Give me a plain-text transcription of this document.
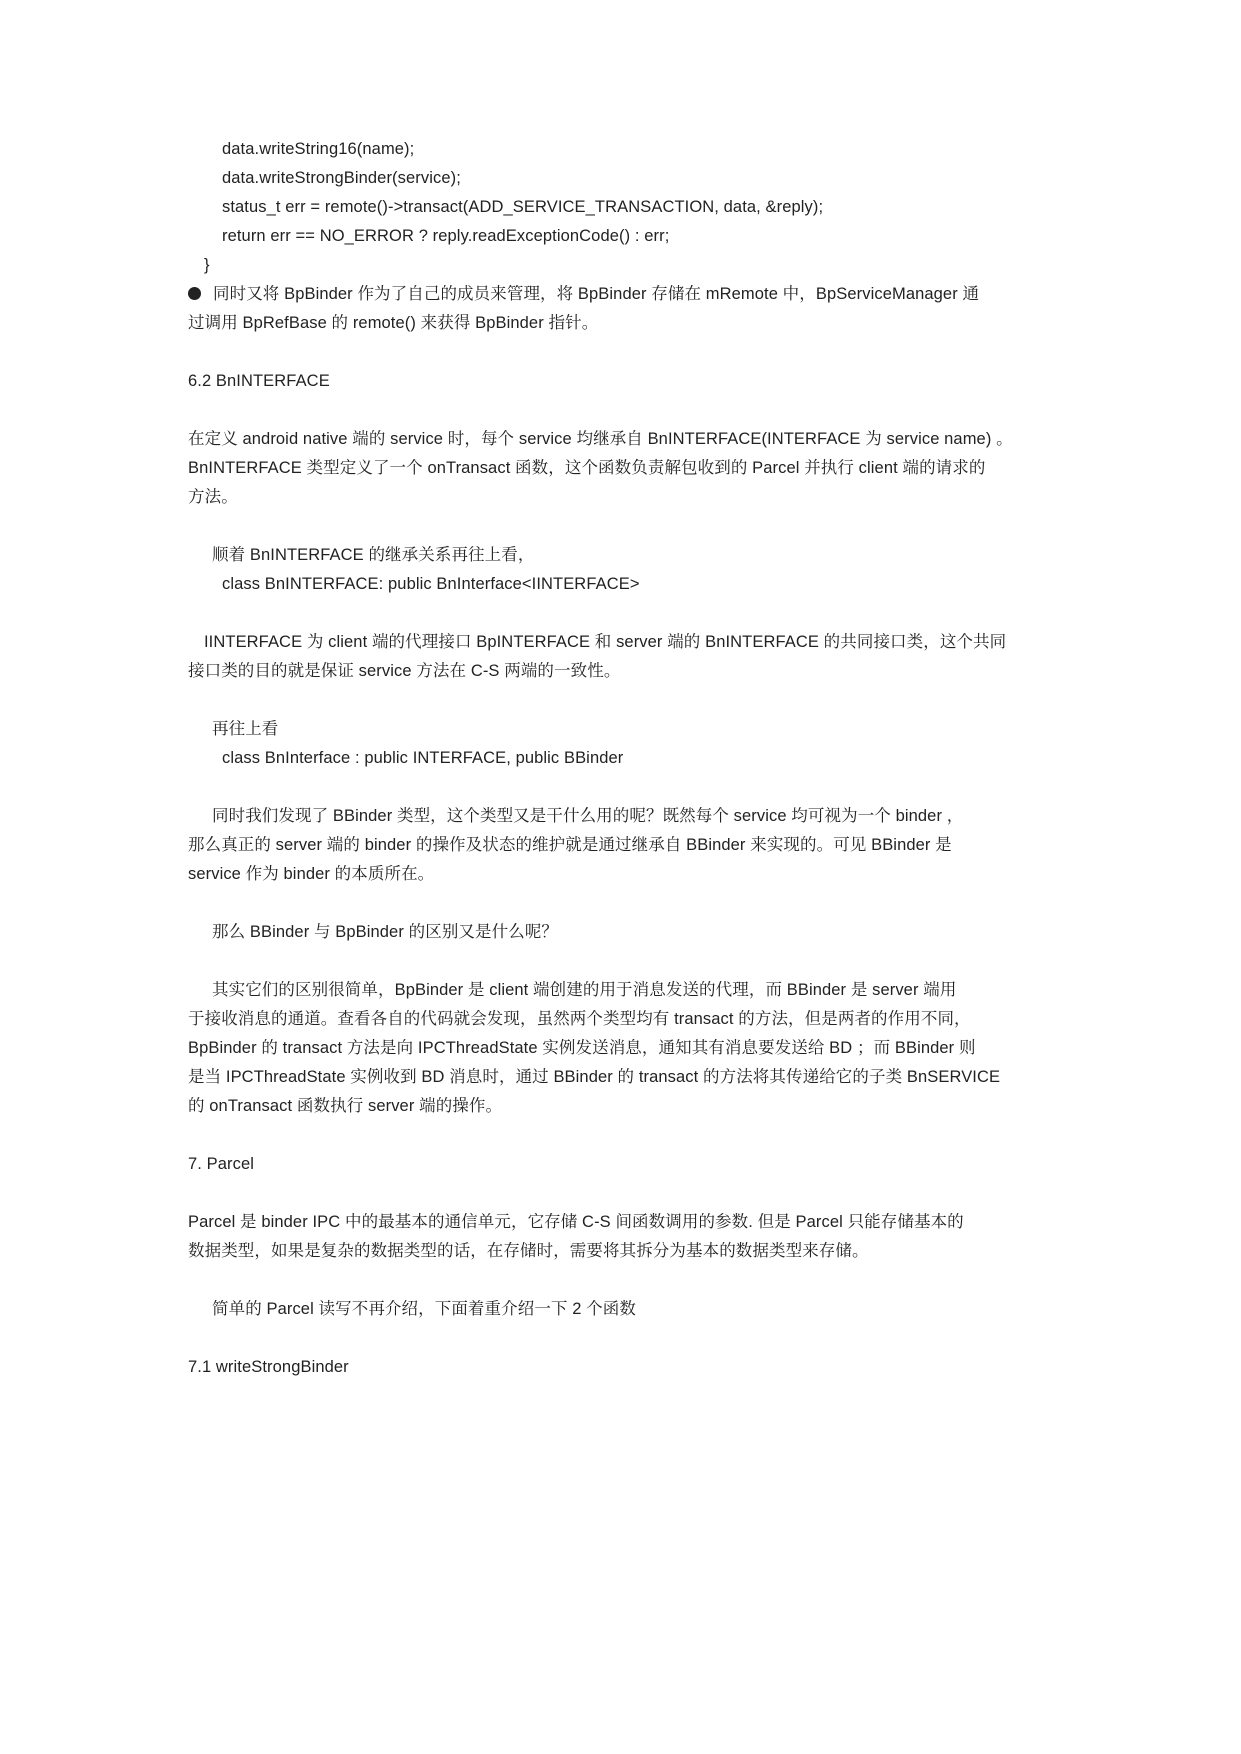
data.writeString16(name);
data.writeStrongBinder(service);
status_t err = remote()->transact(ADD_SERVICE_TRANSACTION, data, &reply);
return err == NO_ERROR ? reply.readExceptionCode() : err;
}
同时又将 BpBinder 作为了自己的成员来管理，将 BpBinder 存储在 mRemote 中，BpServiceManager 通
过调用 BpRefBase 的 remote() 来获得 BpBinder 指针。
6.2 BnINTERFACE
在定义 android native 端的 service 时，每个 service 均继承自 BnINTERFACE(INTERFACE 为 service name) 。
BnINTERFACE 类型定义了一个 onTransact 函数，这个函数负责解包收到的 Parcel 并执行 client 端的请求的
方法。
顺着 BnINTERFACE 的继承关系再往上看，
class BnINTERFACE: public BnInterface<IINTERFACE>
IINTERFACE 为 client 端的代理接口 BpINTERFACE 和 server 端的 BnINTERFACE 的共同接口类，这个共同
接口类的目的就是保证 service 方法在 C-S 两端的一致性。
再往上看
class BnInterface : public INTERFACE, public BBinder
同时我们发现了 BBinder 类型，这个类型又是干什么用的呢？既然每个 service 均可视为一个 binder ，
那么真正的 server 端的 binder 的操作及状态的维护就是通过继承自 BBinder 来实现的。可见 BBinder 是
service 作为 binder 的本质所在。
那么 BBinder 与 BpBinder 的区别又是什么呢？
其实它们的区别很简单，BpBinder 是 client 端创建的用于消息发送的代理，而 BBinder 是 server 端用
于接收消息的通道。查看各自的代码就会发现，虽然两个类型均有 transact 的方法，但是两者的作用不同，
BpBinder 的 transact 方法是向 IPCThreadState 实例发送消息，通知其有消息要发送给 BD ；而 BBinder 则
是当 IPCThreadState 实例收到 BD 消息时，通过 BBinder 的 transact 的方法将其传递给它的子类 BnSERVICE
的 onTransact 函数执行 server 端的操作。
7. Parcel
Parcel 是 binder IPC 中的最基本的通信单元，它存储 C-S 间函数调用的参数. 但是 Parcel 只能存储基本的
数据类型，如果是复杂的数据类型的话，在存储时，需要将其拆分为基本的数据类型来存储。
简单的 Parcel 读写不再介绍，下面着重介绍一下 2 个函数
7.1 writeStrongBinder
